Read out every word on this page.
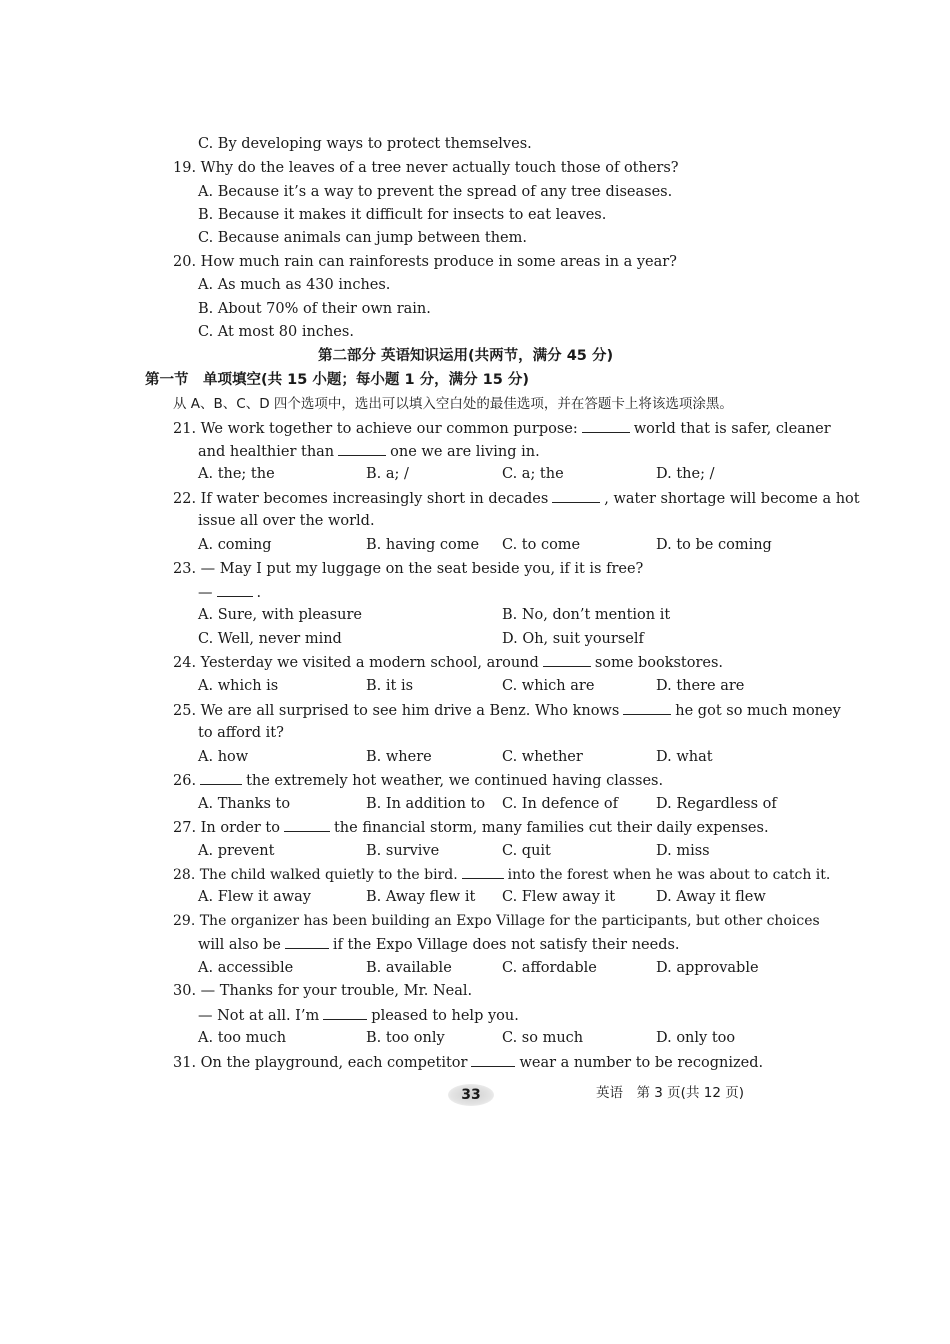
C. By developing ways to protect themselves.
19. Why do the leaves of a tree never actually touch those of others?
A. Because it’s a way to prevent the spread of any tree diseases.
B. Because it makes it difficult for insects to eat leaves.
C. Because animals can jump between them.
20. How much rain can rainforests produce in some areas in a year?
A. As much as 430 inches.
B. About 70% of their own rain.
C. At most 80 inches.
第二部分 英语知识运用(共两节，满分 45 分)
第一节　单项填空(共 15 小题；每小题 1 分，满分 15 分)
从 A、B、C、D 四个选项中，选出可以填入空白处的最佳选项，并在答题卡上将该选项涂黑。
21. We work together to achieve our common purpose:	world that is safer, cleaner
and healthier than	one we are living in.
A. the; the	B. a; /	C. a; the	D. the; /
22. If water becomes increasingly short in decades	, water shortage will become a hot
issue all over the world.
A. coming	B. having come C. to come	D. to be coming
23. — May I put my luggage on the seat beside you, if it is free?
—	.
A. Sure, with pleasure	B. No, don’t mention it
C. Well, never mind	D. Oh, suit yourself
24. Yesterday we visited a modern school, around	some bookstores.
A. which is	B. it is	C. which are	D. there are
25. We are all surprised to see him drive a Benz. Who knows	he got so much money
to afford it?
A. how	B. where	C. whether	D. what
26.	the extremely hot weather, we continued having classes.
A. Thanks to	B. In addition to C. In defence of	D. Regardless of
27. In order to	the financial storm, many families cut their daily expenses.
A. prevent	B. survive	C. quit	D. miss
28. The child walked quietly to the bird.	into the forest when he was about to catch it.
A. Flew it away	B. Away flew it C. Flew away it	D. Away it flew
29. The organizer has been building an Expo Village for the participants, but other choices
will also be	if the Expo Village does not satisfy their needs.
A. accessible	B. available	C. affordable	D. approvable
30. — Thanks for your trouble, Mr. Neal.
— Not at all. I’m	pleased to help you.
A. too much	B. too only	C. so much	D. only too
31. On the playground, each competitor	wear a number to be recognized.
33	英语　第 3 页(共 12 页)
